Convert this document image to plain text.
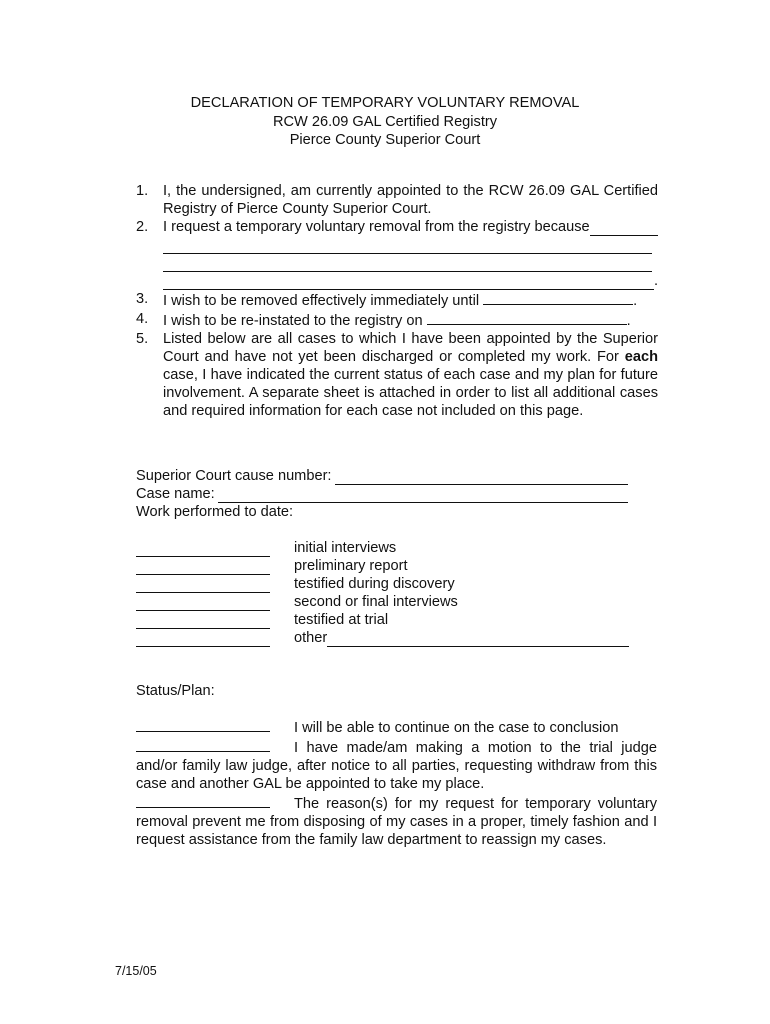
DECLARATION OF TEMPORARY VOLUNTARY REMOVAL
RCW 26.09 GAL Certified Registry
Pierce County Superior Court
1. I, the undersigned, am currently appointed to the RCW 26.09 GAL Certified Registry of Pierce County Superior Court.
2. I request a temporary voluntary removal from the registry because
.
3. I wish to be removed effectively immediately until	.
4. I wish to be re-instated to the registry on	.
5. Listed below are all cases to which I have been appointed by the Superior Court and have not yet been discharged or completed my work. For each case, I have indicated the current status of each case and my plan for future involvement. A separate sheet is attached in order to list all additional cases and required information for each case not included on this page.
Superior Court cause number:
Case name:
Work performed to date:
initial interviews
preliminary report
testified during discovery
second or final interviews
testified at trial
other
Status/Plan:
I will be able to continue on the case to conclusion
I have made/am making a motion to the trial judge and/or family law judge, after notice to all parties, requesting withdraw from this case and another GAL be appointed to take my place.
The reason(s) for my request for temporary voluntary removal prevent me from disposing of my cases in a proper, timely fashion and I request assistance from the family law department to reassign my cases.
7/15/05
